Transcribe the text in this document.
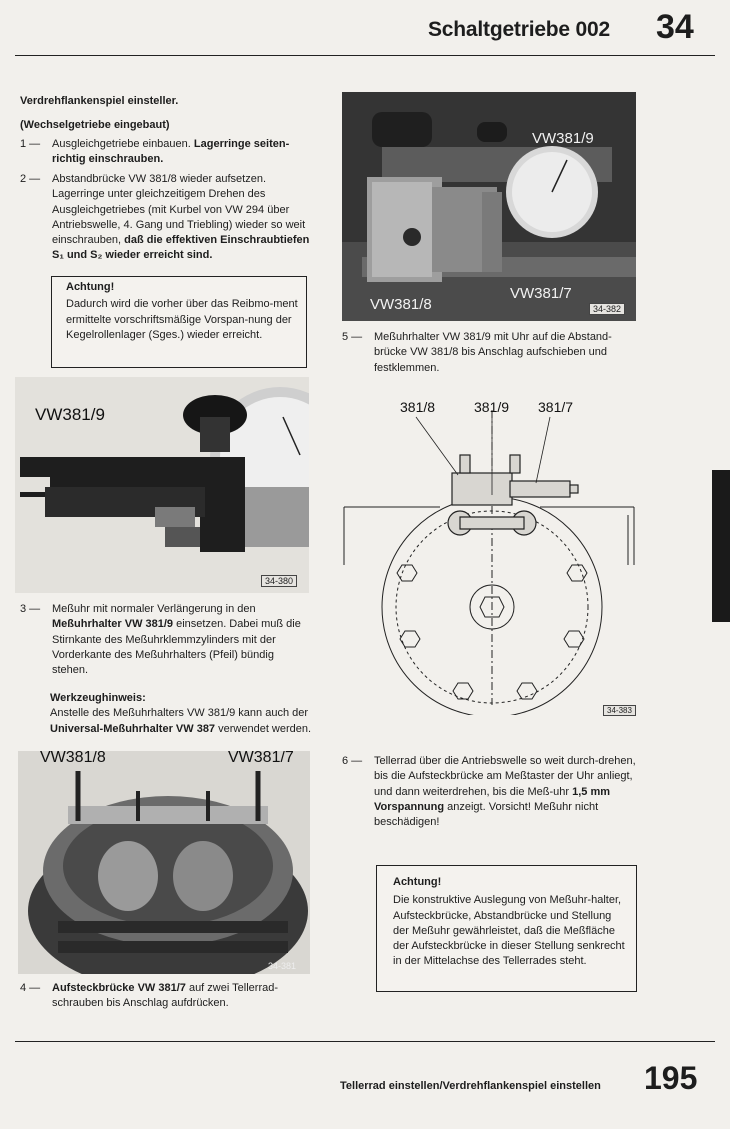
Schaltgetriebe 002 34
Verdrehflankenspiel einsteller.
(Wechselgetriebe eingebaut)
1 —	Ausgleichgetriebe einbauen. Lagerringe seiten-richtig einschrauben.
2 —	Abstandbrücke VW 381/8 wieder aufsetzen. Lagerringe unter gleichzeitigem Drehen des Ausgleichgetriebes (mit Kurbel von VW 294 über Antriebswelle, 4. Gang und Triebling) wieder so weit einschrauben, daß die effektiven Einschraubtiefen S₁ und S₂ wieder erreicht sind.
Achtung!
Dadurch wird die vorher über das Reibmo-ment ermittelte vorschriftsmäßige Vorspan-nung der Kegelrollenlager (Sges.) wieder erreicht.
VW381/9
VW381/8
VW381/7
34-382
5 —	Meßuhrhalter VW 381/9 mit Uhr auf die Abstand-brücke VW 381/8 bis Anschlag aufschieben und festklemmen.
VW381/9
34-380
3 —	Meßuhr mit normaler Verlängerung in den Meßuhrhalter VW 381/9 einsetzen. Dabei muß die Stirnkante des Meßuhrklemmzylinders mit der Vorderkante des Meßuhrhalters (Pfeil) bündig stehen.
Werkzeughinweis:
Anstelle des Meßuhrhalters VW 381/9 kann auch der Universal-Meßuhrhalter VW 387 verwendet werden.
VW381/8	VW381/7
34-381
4 —	Aufsteckbrücke VW 381/7 auf zwei Tellerrad-schrauben bis Anschlag aufdrücken.
381/8	381/9 381/7
34-383
6 —	Tellerrad über die Antriebswelle so weit durch-drehen, bis die Aufsteckbrücke am Meßtaster der Uhr anliegt, und dann weiterdrehen, bis die Meß-uhr 1,5 mm Vorspannung anzeigt. Vorsicht! Meßuhr nicht beschädigen!
Achtung!
Die konstruktive Auslegung von Meßuhr-halter, Aufsteckbrücke, Abstandbrücke und Stellung der Meßuhr gewährleistet, daß die Meßfläche der Aufsteckbrücke in dieser Stellung senkrecht in der Mittelachse des Tellerrades steht.
Tellerrad einstellen/Verdrehflankenspiel einstellen 195
